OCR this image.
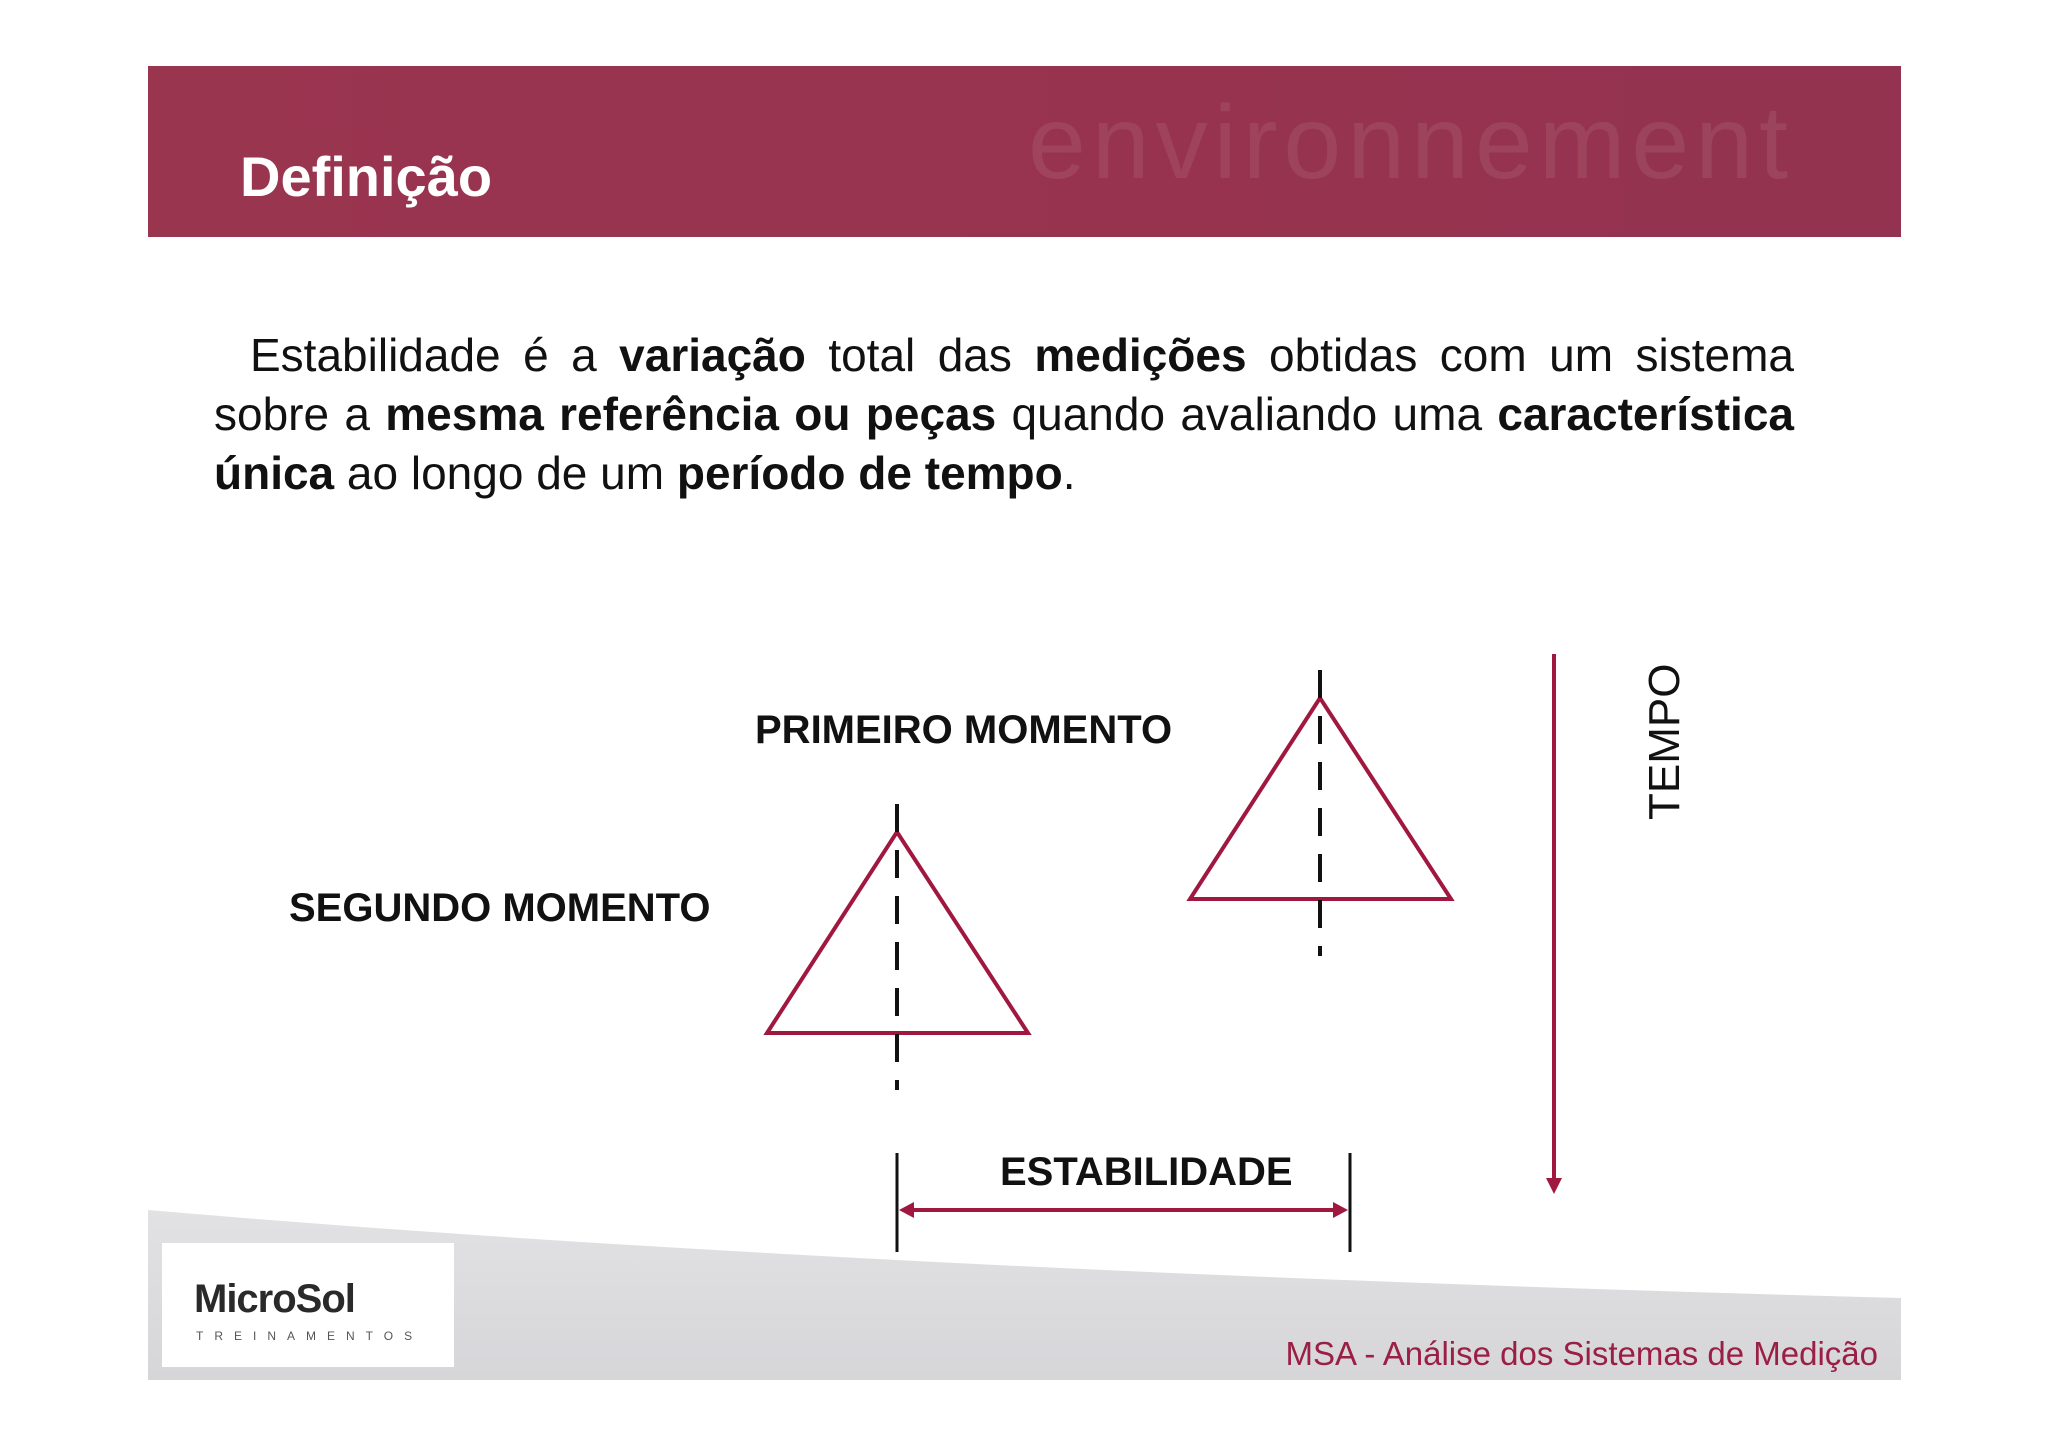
environnement
Definição
Estabilidade é a variação total das medições obtidas com um sistema sobre a mesma referência ou peças quando avaliando uma característica única ao longo de um período de tempo.
MicroSol
TREINAMENTOS	MSA - Análise dos Sistemas de Medição
PRIMEIRO MOMENTO
SEGUNDO MOMENTO
ESTABILIDADE
TEMPO
